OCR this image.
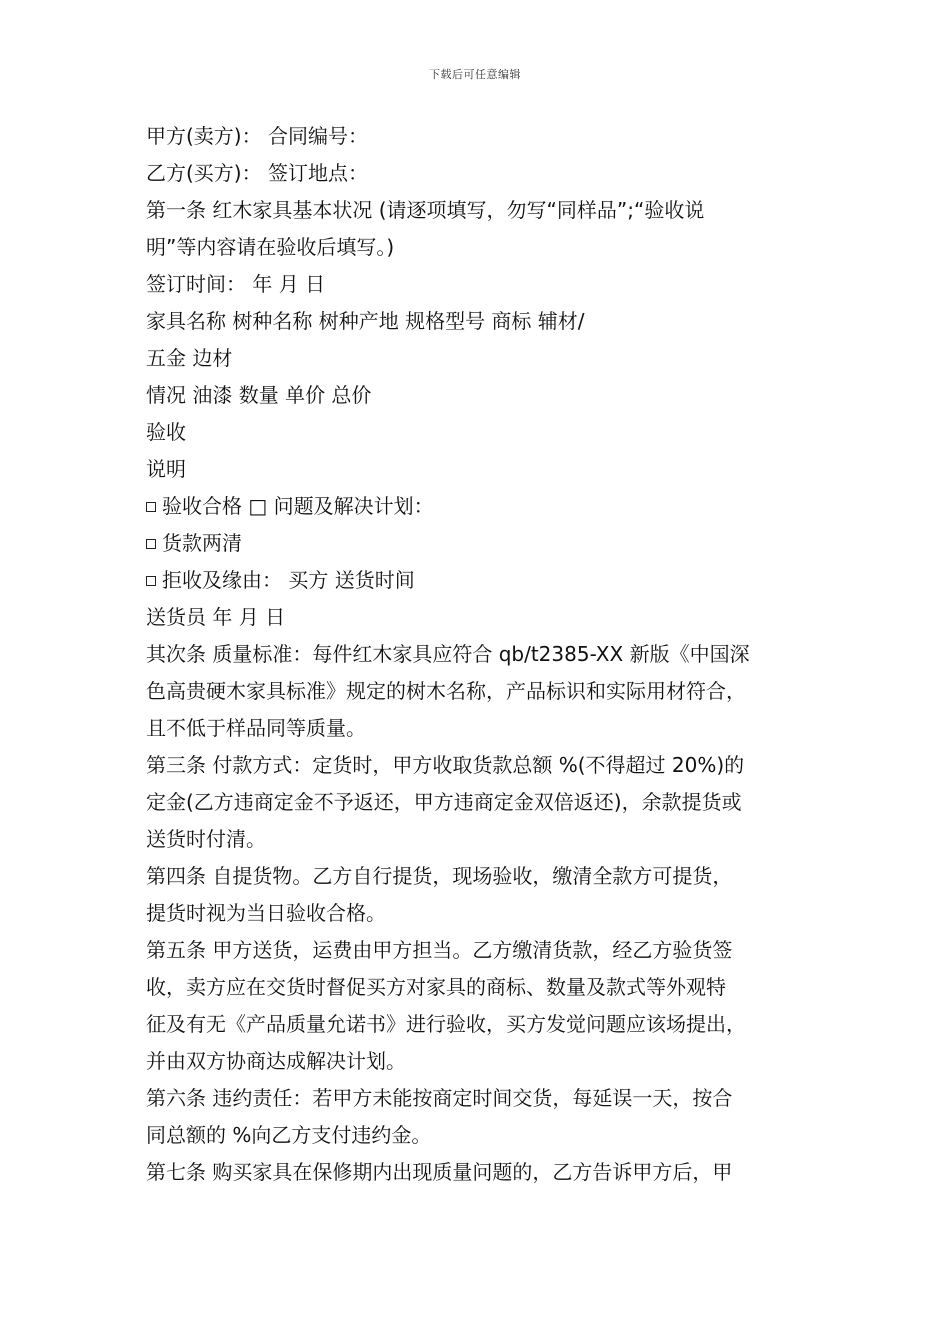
下载后可任意编辑
甲方(卖方)： 合同编号：
乙方(买方)： 签订地点：
第一条 红木家具基本状况 (请逐项填写，勿写“同样品”;“验收说
明”等内容请在验收后填写。)
签订时间： 年 月 日
家具名称 树种名称 树种产地 规格型号 商标 辅材/
五金 边材
情况 油漆 数量 单价 总价
验收
说明
验收合格 □ 问题及解决计划：
货款两清
拒收及缘由： 买方 送货时间
送货员 年 月 日
其次条 质量标准：每件红木家具应符合 qb/t2385-XX 新版《中国深
色高贵硬木家具标准》规定的树木名称，产品标识和实际用材符合，
且不低于样品同等质量。
第三条 付款方式：定货时，甲方收取货款总额 %(不得超过 20%)的
定金(乙方违商定金不予返还，甲方违商定金双倍返还)，余款提货或
送货时付清。
第四条 自提货物。乙方自行提货，现场验收，缴清全款方可提货，
提货时视为当日验收合格。
第五条 甲方送货，运费由甲方担当。乙方缴清货款，经乙方验货签
收，卖方应在交货时督促买方对家具的商标、数量及款式等外观特
征及有无《产品质量允诺书》进行验收，买方发觉问题应该场提出，
并由双方协商达成解决计划。
第六条 违约责任：若甲方未能按商定时间交货，每延误一天，按合
同总额的 %向乙方支付违约金。
第七条 购买家具在保修期内出现质量问题的，乙方告诉甲方后，甲
